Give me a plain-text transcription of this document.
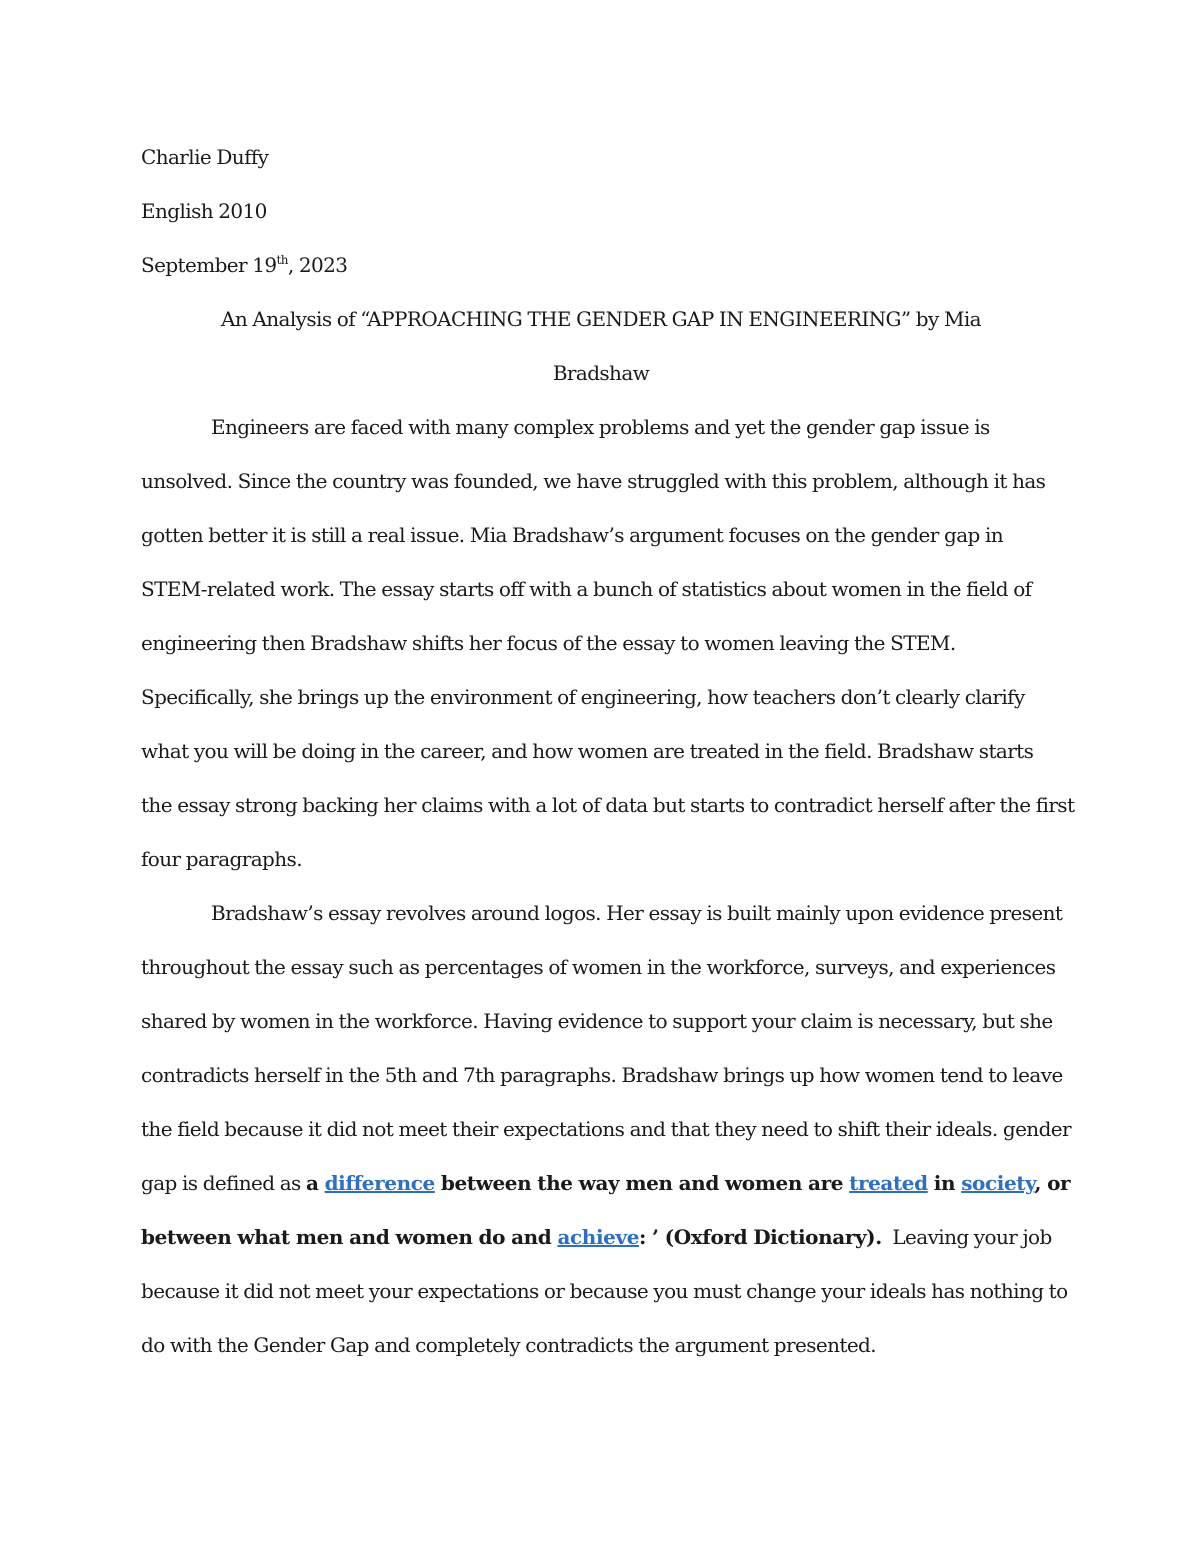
Charlie Duffy

English 2010

September 19th, 2023

An Analysis of “APPROACHING THE GENDER GAP IN ENGINEERING” by Mia
Bradshaw

Engineers are faced with many complex problems and yet the gender gap issue is
unsolved. Since the country was founded, we have struggled with this problem, although it has
gotten better it is still a real issue. Mia Bradshaw’s argument focuses on the gender gap in
STEM-related work. The essay starts off with a bunch of statistics about women in the field of
engineering then Bradshaw shifts her focus of the essay to women leaving the STEM.
Specifically, she brings up the environment of engineering, how teachers don’t clearly clarify
what you will be doing in the career, and how women are treated in the field. Bradshaw starts
the essay strong backing her claims with a lot of data but starts to contradict herself after the first
four paragraphs.
Bradshaw’s essay revolves around logos. Her essay is built mainly upon evidence present
throughout the essay such as percentages of women in the workforce, surveys, and experiences
shared by women in the workforce. Having evidence to support your claim is necessary, but she
contradicts herself in the 5th and 7th paragraphs. Bradshaw brings up how women tend to leave
the field because it did not meet their expectations and that they need to shift their ideals. gender
gap is defined as a difference between the way men and women are treated in society, or
between what men and women do and achieve: ’ (Oxford Dictionary).  Leaving your job
because it did not meet your expectations or because you must change your ideals has nothing to
do with the Gender Gap and completely contradicts the argument presented.
